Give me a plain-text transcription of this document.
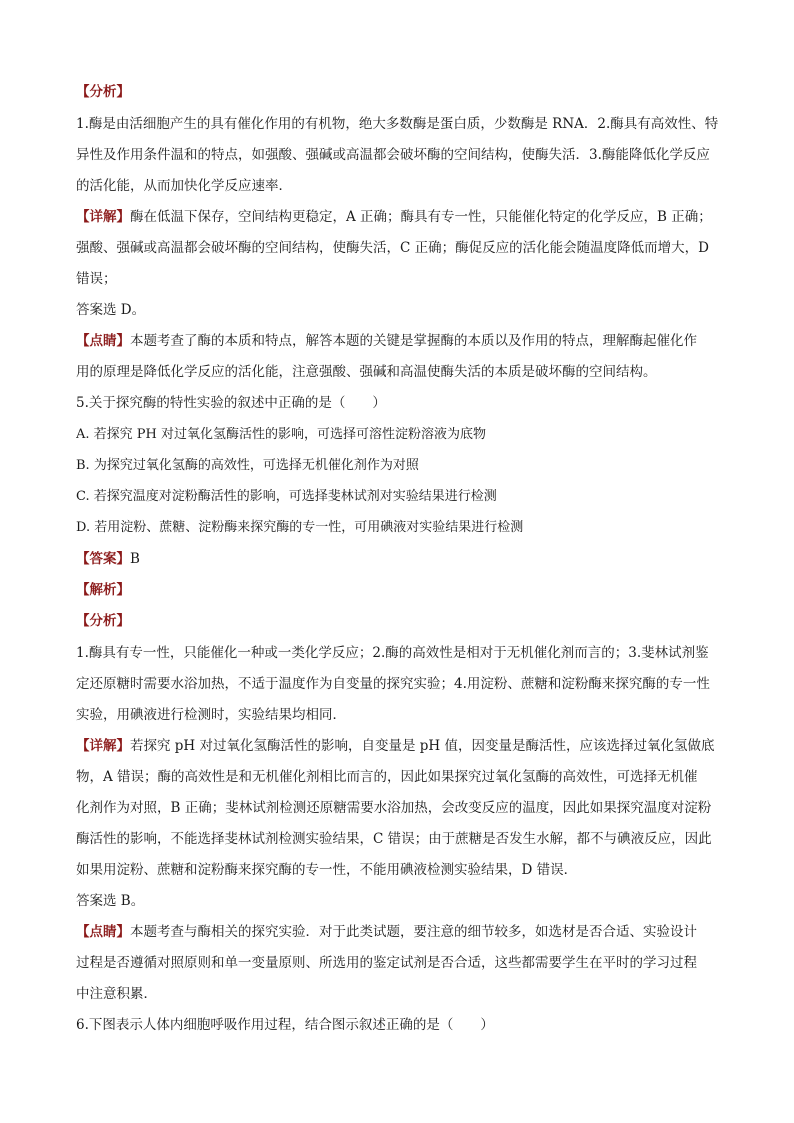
【分析】
1.酶是由活细胞产生的具有催化作用的有机物，绝大多数酶是蛋白质，少数酶是 RNA．2.酶具有高效性、特
异性及作用条件温和的特点，如强酸、强碱或高温都会破坏酶的空间结构，使酶失活．3.酶能降低化学反应
的活化能，从而加快化学反应速率．
【详解】酶在低温下保存，空间结构更稳定，A 正确；酶具有专一性，只能催化特定的化学反应，B 正确；
强酸、强碱或高温都会破坏酶的空间结构，使酶失活，C 正确；酶促反应的活化能会随温度降低而增大，D
错误；
答案选 D。
【点睛】本题考查了酶的本质和特点，解答本题的关键是掌握酶的本质以及作用的特点，理解酶起催化作
用的原理是降低化学反应的活化能，注意强酸、强碱和高温使酶失活的本质是破坏酶的空间结构。
5.关于探究酶的特性实验的叙述中正确的是（　　）
A. 若探究 PH 对过氧化氢酶活性的影响，可选择可溶性淀粉溶液为底物
B. 为探究过氧化氢酶的高效性，可选择无机催化剂作为对照
C. 若探究温度对淀粉酶活性的影响，可选择斐林试剂对实验结果进行检测
D. 若用淀粉、蔗糖、淀粉酶来探究酶的专一性，可用碘液对实验结果进行检测
【答案】B
【解析】
【分析】
1.酶具有专一性，只能催化一种或一类化学反应；2.酶的高效性是相对于无机催化剂而言的；3.斐林试剂鉴
定还原糖时需要水浴加热，不适于温度作为自变量的探究实验；4.用淀粉、蔗糖和淀粉酶来探究酶的专一性
实验，用碘液进行检测时，实验结果均相同．
【详解】若探究 pH 对过氧化氢酶活性的影响，自变量是 pH 值，因变量是酶活性，应该选择过氧化氢做底
物，A 错误；酶的高效性是和无机催化剂相比而言的，因此如果探究过氧化氢酶的高效性，可选择无机催
化剂作为对照，B 正确；斐林试剂检测还原糖需要水浴加热，会改变反应的温度，因此如果探究温度对淀粉
酶活性的影响，不能选择斐林试剂检测实验结果，C 错误；由于蔗糖是否发生水解，都不与碘液反应，因此
如果用淀粉、蔗糖和淀粉酶来探究酶的专一性，不能用碘液检测实验结果，D 错误．
答案选 B。
【点睛】本题考查与酶相关的探究实验．对于此类试题，要注意的细节较多，如选材是否合适、实验设计
过程是否遵循对照原则和单一变量原则、所选用的鉴定试剂是否合适，这些都需要学生在平时的学习过程
中注意积累．
6.下图表示人体内细胞呼吸作用过程，结合图示叙述正确的是（　　）
